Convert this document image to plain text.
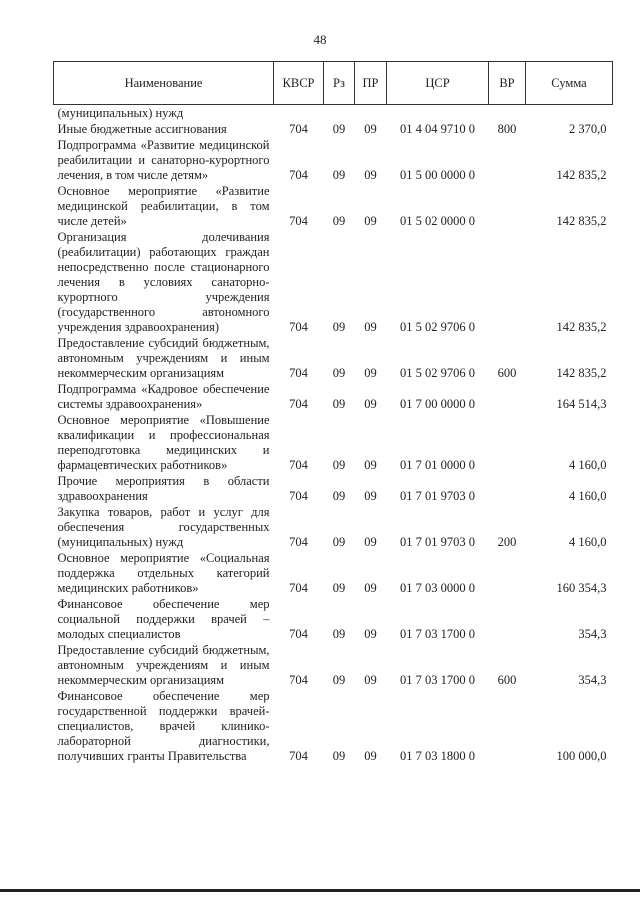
48
Наименование	КВСР	Рз	ПР	ЦСР	ВР	Сумма
(муниципальных) нужд						
Иные бюджетные ассигнования	704	09	09	01 4 04 9710 0	800	2 370,0
Подпрограмма «Развитие медицинской реабилитации и санаторно-курортного лечения, в том числе детям»	704	09	09	01 5 00 0000 0		142 835,2
Основное мероприятие «Развитие медицинской реабилитации, в том числе детей»	704	09	09	01 5 02 0000 0		142 835,2
Организация долечивания (реабилитации) работающих граждан непосредственно после стационарного лечения в условиях санаторно-курортного учреждения (государственного автономного учреждения здравоохранения)	704	09	09	01 5 02 9706 0		142 835,2
Предоставление субсидий бюджетным, автономным учреждениям и иным некоммерческим организациям	704	09	09	01 5 02 9706 0	600	142 835,2
Подпрограмма «Кадровое обеспечение системы здравоохранения»	704	09	09	01 7 00 0000 0		164 514,3
Основное мероприятие «Повышение квалификации и профессиональная переподготовка медицинских и фармацевтических работников»	704	09	09	01 7 01 0000 0		4 160,0
Прочие мероприятия в области здравоохранения	704	09	09	01 7 01 9703 0		4 160,0
Закупка товаров, работ и услуг для обеспечения государственных (муниципальных) нужд	704	09	09	01 7 01 9703 0	200	4 160,0
Основное мероприятие «Социальная поддержка отдельных категорий медицинских работников»	704	09	09	01 7 03 0000 0		160 354,3
Финансовое обеспечение мер социальной поддержки врачей – молодых специалистов	704	09	09	01 7 03 1700 0		354,3
Предоставление субсидий бюджетным, автономным учреждениям и иным некоммерческим организациям	704	09	09	01 7 03 1700 0	600	354,3
Финансовое обеспечение мер государственной поддержки врачей-специалистов, врачей клинико-лабораторной диагностики, получивших гранты Правительства	704	09	09	01 7 03 1800 0		100 000,0
